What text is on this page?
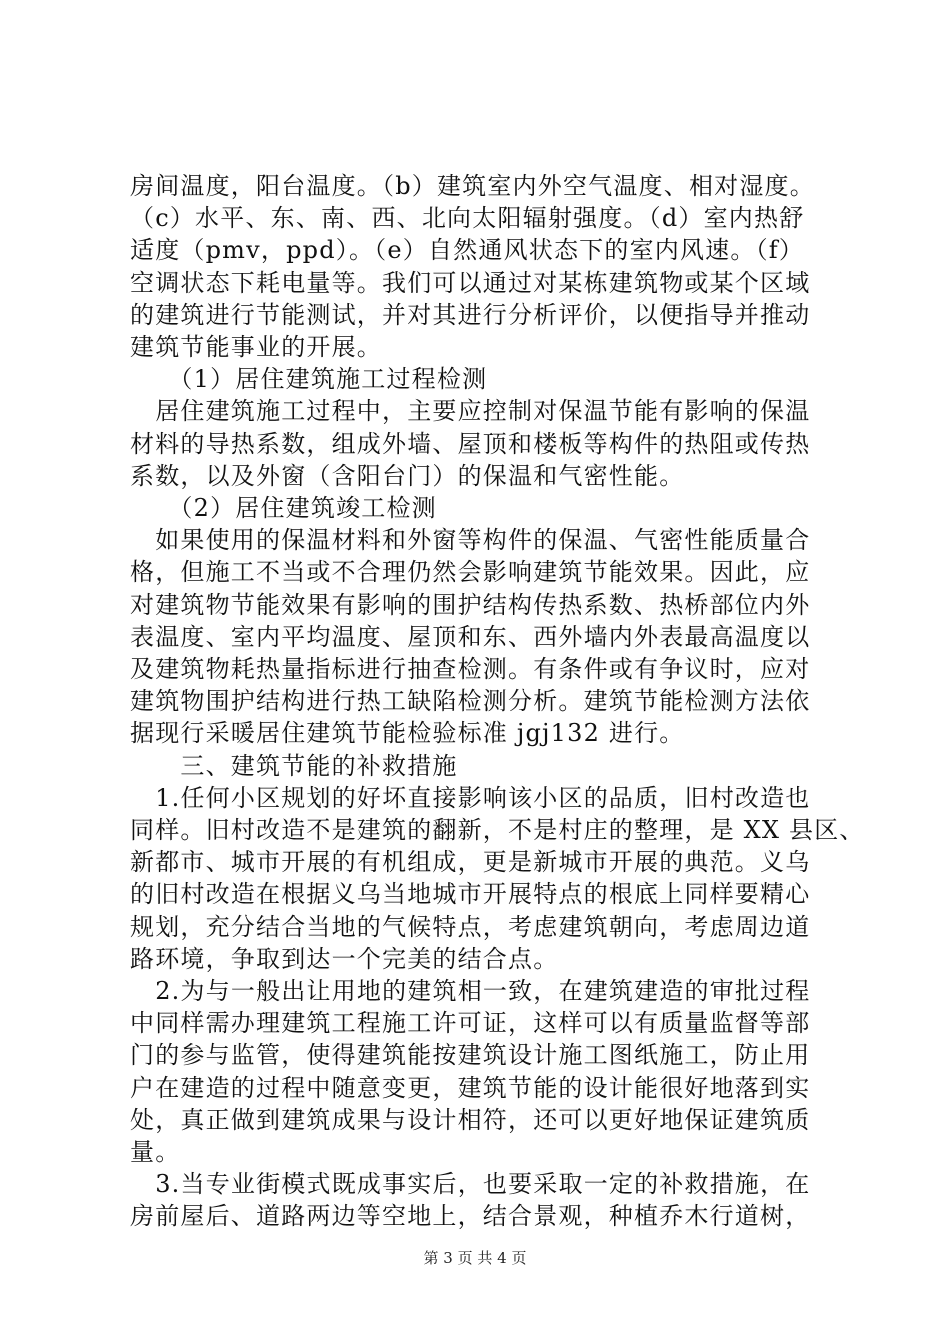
房间温度，阳台温度。（b）建筑室内外空气温度、相对湿度。
（c）水平、东、南、西、北向太阳辐射强度。（d）室内热舒
适度（pmv，ppd）。（e）自然通风状态下的室内风速。（f）
空调状态下耗电量等。我们可以通过对某栋建筑物或某个区域
的建筑进行节能测试，并对其进行分析评价，以便指导并推动
建筑节能事业的开展。
　　（1）居住建筑施工过程检测
　居住建筑施工过程中，主要应控制对保温节能有影响的保温
材料的导热系数，组成外墙、屋顶和楼板等构件的热阻或传热
系数，以及外窗（含阳台门）的保温和气密性能。
　　（2）居住建筑竣工检测
　如果使用的保温材料和外窗等构件的保温、气密性能质量合
格，但施工不当或不合理仍然会影响建筑节能效果。因此，应
对建筑物节能效果有影响的围护结构传热系数、热桥部位内外
表温度、室内平均温度、屋顶和东、西外墙内外表最高温度以
及建筑物耗热量指标进行抽查检测。有条件或有争议时，应对
建筑物围护结构进行热工缺陷检测分析。建筑节能检测方法依
据现行采暖居住建筑节能检验标准 jgj132 进行。
　　三、建筑节能的补救措施
　1.任何小区规划的好坏直接影响该小区的品质，旧村改造也
同样。旧村改造不是建筑的翻新，不是村庄的整理，是 XX 县区、
新都市、城市开展的有机组成，更是新城市开展的典范。义乌
的旧村改造在根据义乌当地城市开展特点的根底上同样要精心
规划，充分结合当地的气候特点，考虑建筑朝向，考虑周边道
路环境，争取到达一个完美的结合点。
　2.为与一般出让用地的建筑相一致，在建筑建造的审批过程
中同样需办理建筑工程施工许可证，这样可以有质量监督等部
门的参与监管，使得建筑能按建筑设计施工图纸施工，防止用
户在建造的过程中随意变更，建筑节能的设计能很好地落到实
处，真正做到建筑成果与设计相符，还可以更好地保证建筑质
量。
　3.当专业街模式既成事实后，也要采取一定的补救措施，在
房前屋后、道路两边等空地上，结合景观，种植乔木行道树，
第 3 页 共 4 页
